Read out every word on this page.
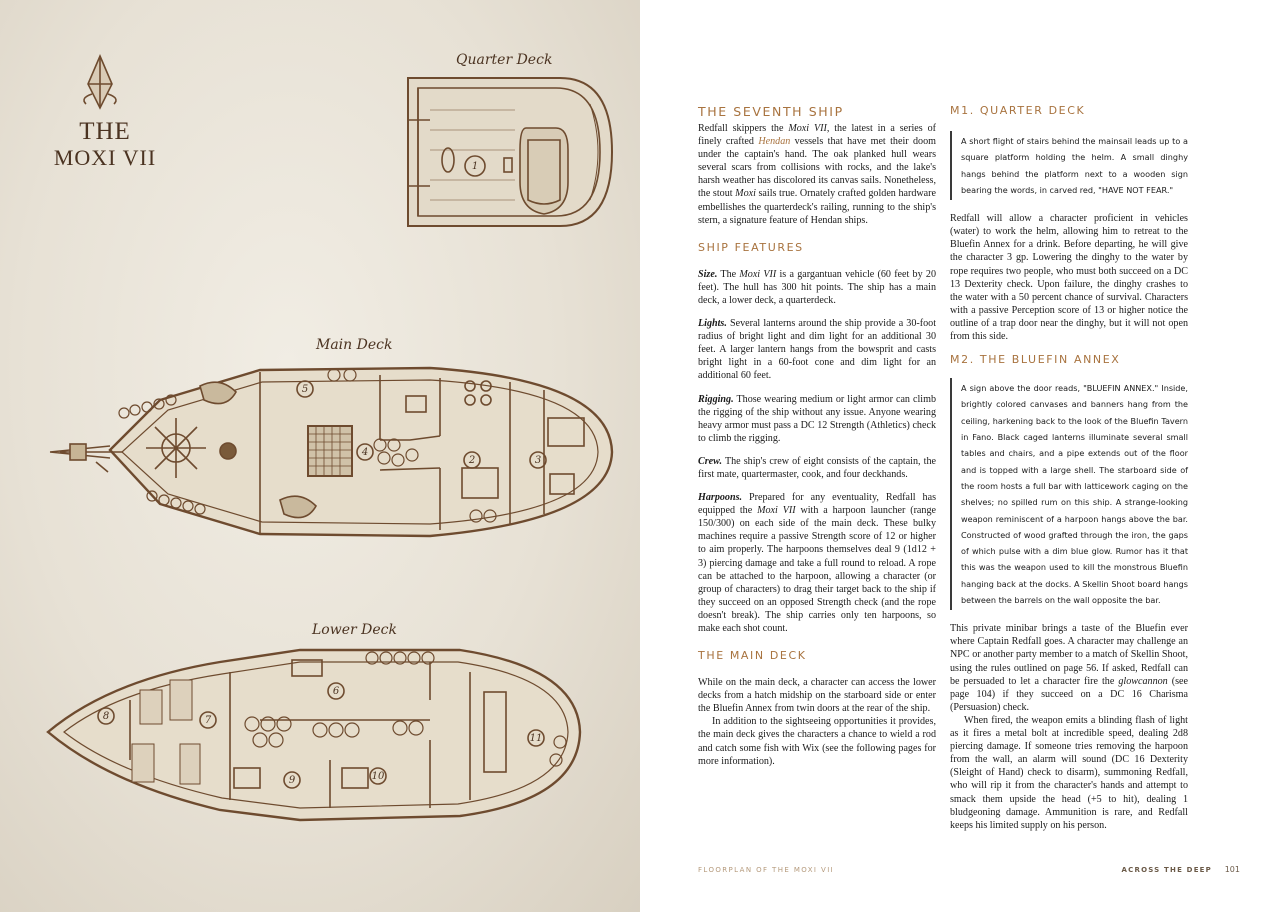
1
2	3
4
5
6
7
8
9	10
11
THE
MOXI VII
Quarter Deck
Main Deck
Lower Deck
THE SEVENTH SHIP

Redfall skippers the Moxi VII, the latest in a series of finely crafted Hendan vessels that have met their doom under the captain's hand. The oak planked hull wears several scars from collisions with rocks, and the lake's harsh weather has discolored its canvas sails. Nonetheless, the stout Moxi sails true. Ornately crafted golden hardware embellishes the quarterdeck's railing, running to the ship's stern, a signature feature of Hendan ships.

SHIP FEATURES

Size. The Moxi VII is a gargantuan vehicle (60 feet by 20 feet). The hull has 300 hit points. The ship has a main deck, a lower deck, a quarterdeck.

Lights. Several lanterns around the ship provide a 30-foot radius of bright light and dim light for an additional 30 feet. A larger lantern hangs from the bowsprit and casts bright light in a 60-foot cone and dim light for an additional 60 feet.

Rigging. Those wearing medium or light armor can climb the rigging of the ship without any issue. Anyone wearing heavy armor must pass a DC 12 Strength (Athletics) check to climb the rigging.

Crew. The ship's crew of eight consists of the captain, the first mate, quartermaster, cook, and four deckhands.

Harpoons. Prepared for any eventuality, Redfall has equipped the Moxi VII with a harpoon launcher (range 150/300) on each side of the main deck. These bulky machines require a passive Strength score of 12 or higher to aim properly. The harpoons themselves deal 9 (1d12 + 3) piercing damage and take a full round to reload. A rope can be attached to the harpoon, allowing a character (or group of characters) to drag their target back to the ship if they succeed on an opposed Strength check (and the rope doesn't break). The ship carries only ten harpoons, so make each shot count.

THE MAIN DECK

While on the main deck, a character can access the lower decks from a hatch midship on the starboard side or enter the Bluefin Annex from twin doors at the rear of the ship.

In addition to the sightseeing opportunities it provides, the main deck gives the characters a chance to wield a rod and catch some fish with Wix (see the following pages for more information).

M1. QUARTER DECK

A short flight of stairs behind the mainsail leads up to a square platform holding the helm. A small dinghy hangs behind the platform next to a wooden sign bearing the words, in carved red, "HAVE NOT FEAR."

Redfall will allow a character proficient in vehicles (water) to work the helm, allowing him to retreat to the Bluefin Annex for a drink. Before departing, he will give the character 3 gp. Lowering the dinghy to the water by rope requires two people, who must both succeed on a DC 13 Dexterity check. Upon failure, the dinghy crashes to the water with a 50 percent chance of survival. Characters with a passive Perception score of 13 or higher notice the outline of a trap door near the dinghy, but it will not open from this side.

M2. THE BLUEFIN ANNEX

A sign above the door reads, "BLUEFIN ANNEX." Inside, brightly colored canvases and banners hang from the ceiling, harkening back to the look of the Bluefin Tavern in Fano. Black caged lanterns illuminate several small tables and chairs, and a pipe extends out of the floor and is topped with a large shell. The starboard side of the room hosts a full bar with latticework caging on the shelves; no spilled rum on this ship. A strange-looking weapon reminiscent of a harpoon hangs above the bar. Constructed of wood grafted through the iron, the gaps of which pulse with a dim blue glow. Rumor has it that this was the weapon used to kill the monstrous Bluefin hanging back at the docks. A Skellin Shoot board hangs between the barrels on the wall opposite the bar.

This private minibar brings a taste of the Bluefin ever where Captain Redfall goes. A character may challenge an NPC or another party member to a match of Skellin Shoot, using the rules outlined on page 56. If asked, Redfall can be persuaded to let a character fire the glowcannon (see page 104) if they succeed on a DC 16 Charisma (Persuasion) check.

When fired, the weapon emits a blinding flash of light as it fires a metal bolt at incredible speed, dealing 2d8 piercing damage. If someone tries removing the harpoon from the wall, an alarm will sound (DC 16 Dexterity (Sleight of Hand) check to disarm), summoning Redfall, who will rip it from the character's hands and attempt to smack them upside the head (+5 to hit), dealing 1 bludgeoning damage. Ammunition is rare, and Redfall keeps his limited supply on his person.

FLOORPLAN OF THE MOXI VII	ACROSS THE DEEP 101
